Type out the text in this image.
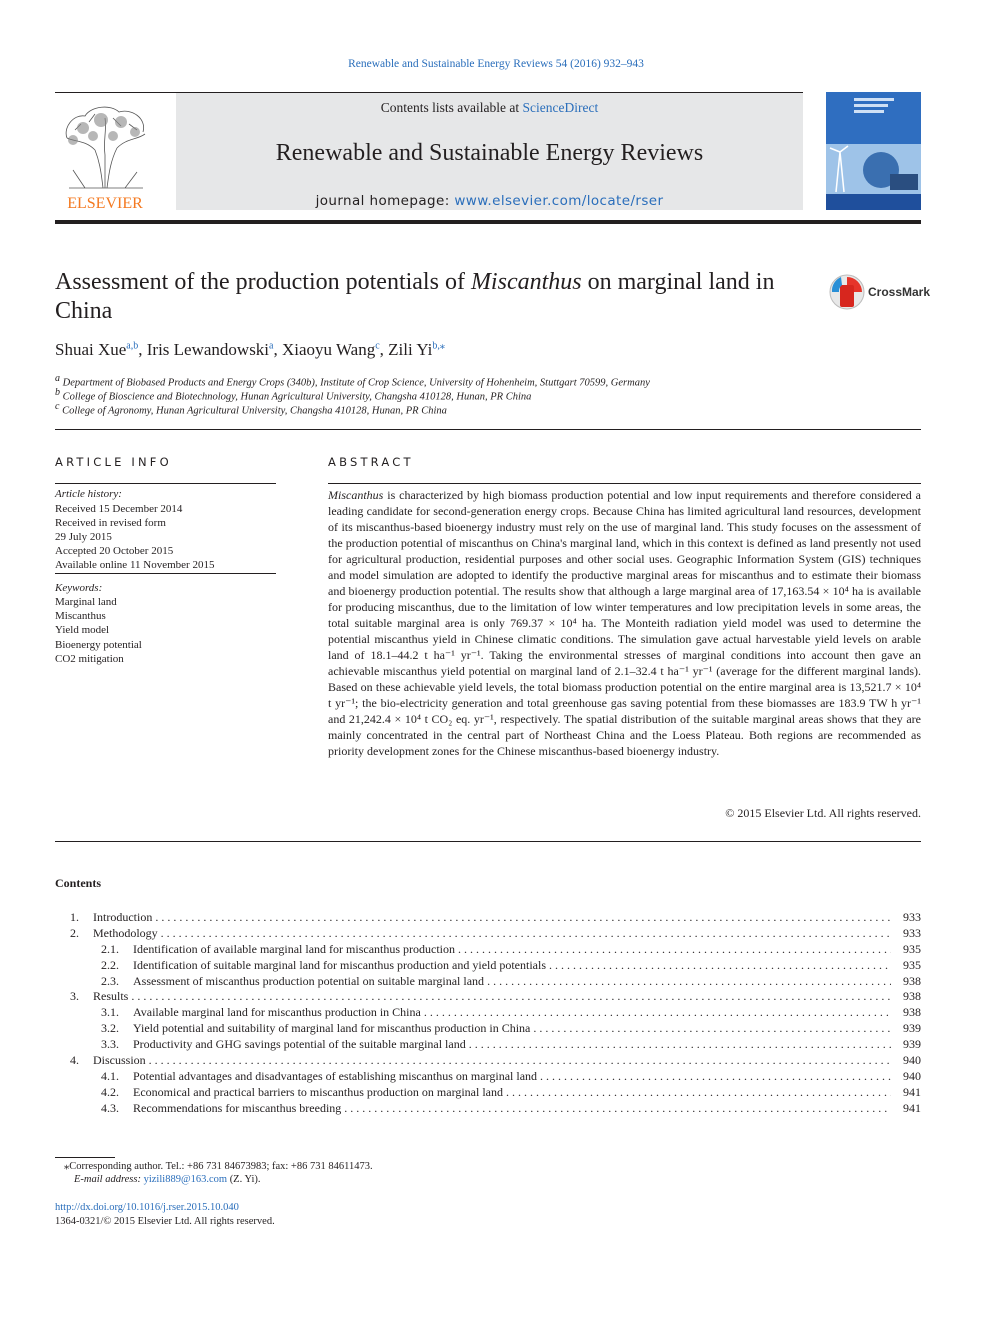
Renewable and Sustainable Energy Reviews 54 (2016) 932–943
ELSEVIER
Contents lists available at ScienceDirect
Renewable and Sustainable Energy Reviews
journal homepage: www.elsevier.com/locate/rser
Assessment of the production potentials of Miscanthus on marginal land in China
CrossMark
Shuai Xue$^{a,b}$, Iris Lewandowski$^a$, Xiaoyu Wang$^c$, Zili $Yi^{b,⁎}$
$^a$ Department of Biobased Products and Energy Crops (340b), Institute of Crop Science, University of Hohenheim, Stuttgart 70599, Germany
$^b$ College of Bioscience and Biotechnology, Hunan Agricultural University, Changsha 410128, Hunan, PR China
$^c$ College of Agronomy, Hunan Agricultural University, Changsha 410128, Hunan, PR China
ARTICLE INFO
Article history:
Received 15 December 2014
Received in revised form
29 July 2015
Accepted 20 October 2015
Available online 11 November 2015
Keywords:
Marginal land
Miscanthus
Yield model
Bioenergy potential
CO2 mitigation
ABSTRACT

Miscanthus is characterized by high biomass production potential and low input requirements and therefore considered a leading candidate for second-generation energy crops. Because China has limited agricultural land resources, development of its miscanthus-based bioenergy industry must rely on the use of marginal land. This study focuses on the assessment of the production potential of miscanthus on China's marginal land, which in this context is defined as land presently not used for agricultural production, residential purposes and other social uses. Geographic Information System (GIS) techniques and model simulation are adopted to identify the productive marginal areas for miscanthus and to estimate their biomass and bioenergy production potential. The results show that although a large marginal area of 17,163.54 × 10⁴ ha is available for producing miscanthus, due to the limitation of low winter temperatures and low precipitation levels in some areas, the total suitable marginal area is only 769.37 × 10⁴ ha. The Monteith radiation yield model was used to determine the potential miscanthus yield in Chinese climatic conditions. The simulation gave actual harvestable yield levels on arable land of 18.1–44.2 t ha⁻¹ yr⁻¹. Taking the environmental stresses of marginal conditions into account then gave an achievable miscanthus yield potential on marginal land of 2.1–32.4 t ha⁻¹ yr⁻¹ (average for the different marginal lands). Based on these achievable yield levels, the total biomass production potential on the entire marginal area is 13,521.7 × 10⁴ t yr⁻¹; the bio-electricity generation and total greenhouse gas saving potential from these biomasses are 183.9 TW h yr⁻¹ and 21,242.4 × 10⁴ t CO₂ eq. yr⁻¹, respectively. The spatial distribution of the suitable marginal areas shows that they are mainly concentrated in the central part of Northeast China and the Loess Plateau. Both regions are recommended as priority development zones for the Chinese miscanthus-based bioenergy industry.

© 2015 Elsevier Ltd. All rights reserved.
Contents
1. Introduction . . .	933
2. Methodology . . .	933
2.1. Identification of available marginal land for miscanthus production . . .	935
2.2. Identification of suitable marginal land for miscanthus production and yield potentials . . .	935
2.3. Assessment of miscanthus production potential on suitable marginal land . . .	938
3. Results . . .	938
3.1. Available marginal land for miscanthus production in China . . .	938
3.2. Yield potential and suitability of marginal land for miscanthus production in China . . .	939
3.3. Productivity and GHG savings potential of the suitable marginal land . . .	939
4. Discussion . . .	940
4.1. Potential advantages and disadvantages of establishing miscanthus on marginal land . . .	940
4.2. Economical and practical barriers to miscanthus production on marginal land . . .	941
4.3. Recommendations for miscanthus breeding . . .	941
⁎Corresponding author. Tel.: +86 731 84673983; fax: +86 731 84611473.
E-mail address: yizili889@163.com (Z. Yi).
http://dx.doi.org/10.1016/j.rser.2015.10.040
1364-0321/© 2015 Elsevier Ltd. All rights reserved.
